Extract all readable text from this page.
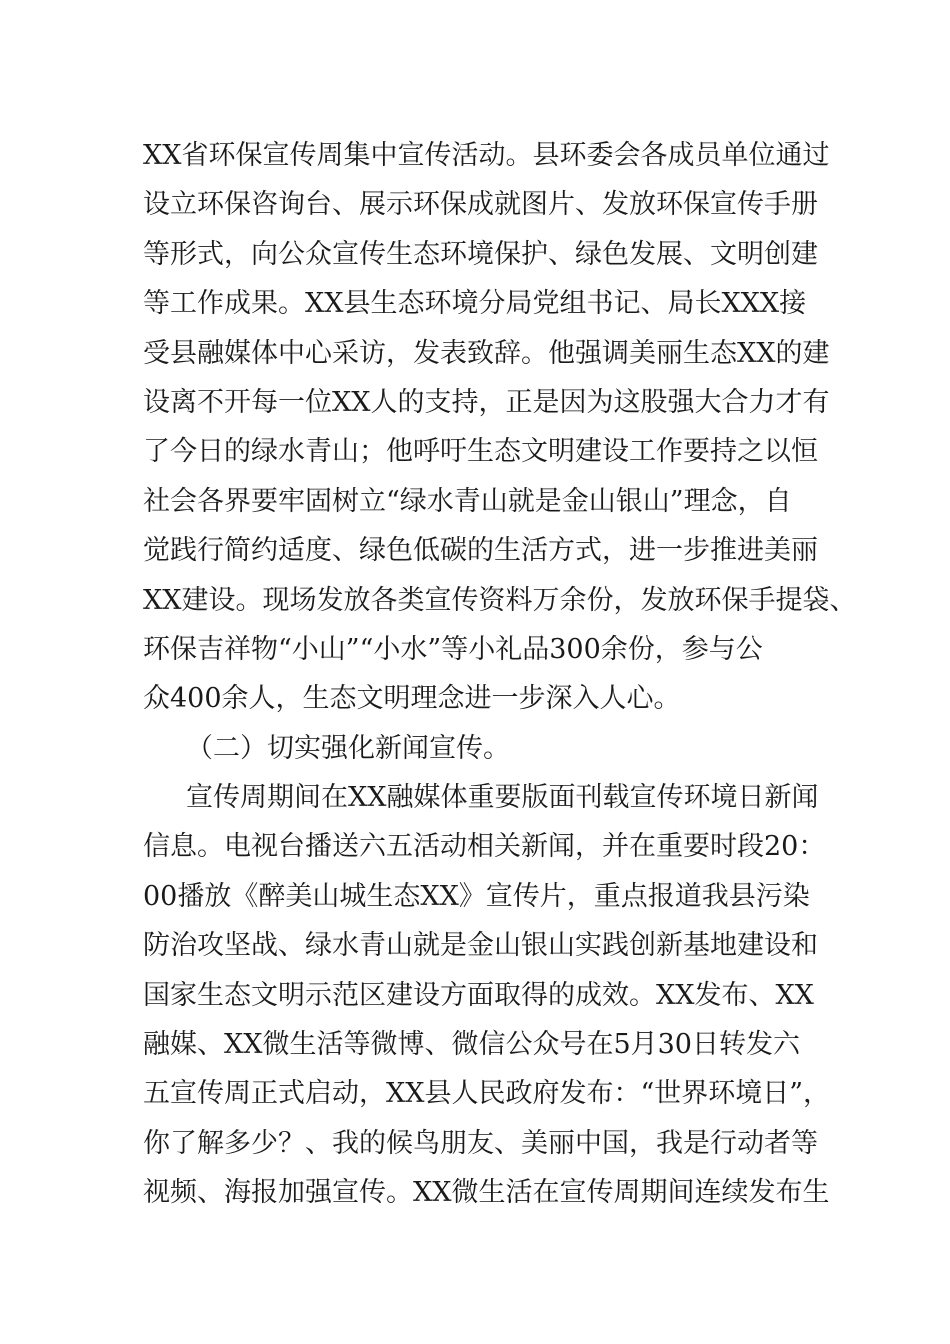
XX省环保宣传周集中宣传活动。县环委会各成员单位通过
设立环保咨询台、展示环保成就图片、发放环保宣传手册
等形式，向公众宣传生态环境保护、绿色发展、文明创建
等工作成果。XX县生态环境分局党组书记、局长XXX接
受县融媒体中心采访，发表致辞。他强调美丽生态XX的建
设离不开每一位XX人的支持，正是因为这股强大合力才有
了今日的绿水青山；他呼吁生态文明建设工作要持之以恒
社会各界要牢固树立“绿水青山就是金山银山”理念，自
觉践行简约适度、绿色低碳的生活方式，进一步推进美丽
XX建设。现场发放各类宣传资料万余份，发放环保手提袋、
环保吉祥物“小山”“小水”等小礼品300余份，参与公
众400余人，生态文明理念进一步深入人心。
（二）切实强化新闻宣传。
宣传周期间在XX融媒体重要版面刊载宣传环境日新闻
信息。电视台播送六五活动相关新闻，并在重要时段20：
00播放《醉美山城生态XX》宣传片，重点报道我县污染
防治攻坚战、绿水青山就是金山银山实践创新基地建设和
国家生态文明示范区建设方面取得的成效。XX发布、XX
融媒、XX微生活等微博、微信公众号在5月30日转发六
五宣传周正式启动，XX县人民政府发布：“世界环境日”，
你了解多少？、我的候鸟朋友、美丽中国，我是行动者等
视频、海报加强宣传。XX微生活在宣传周期间连续发布生
